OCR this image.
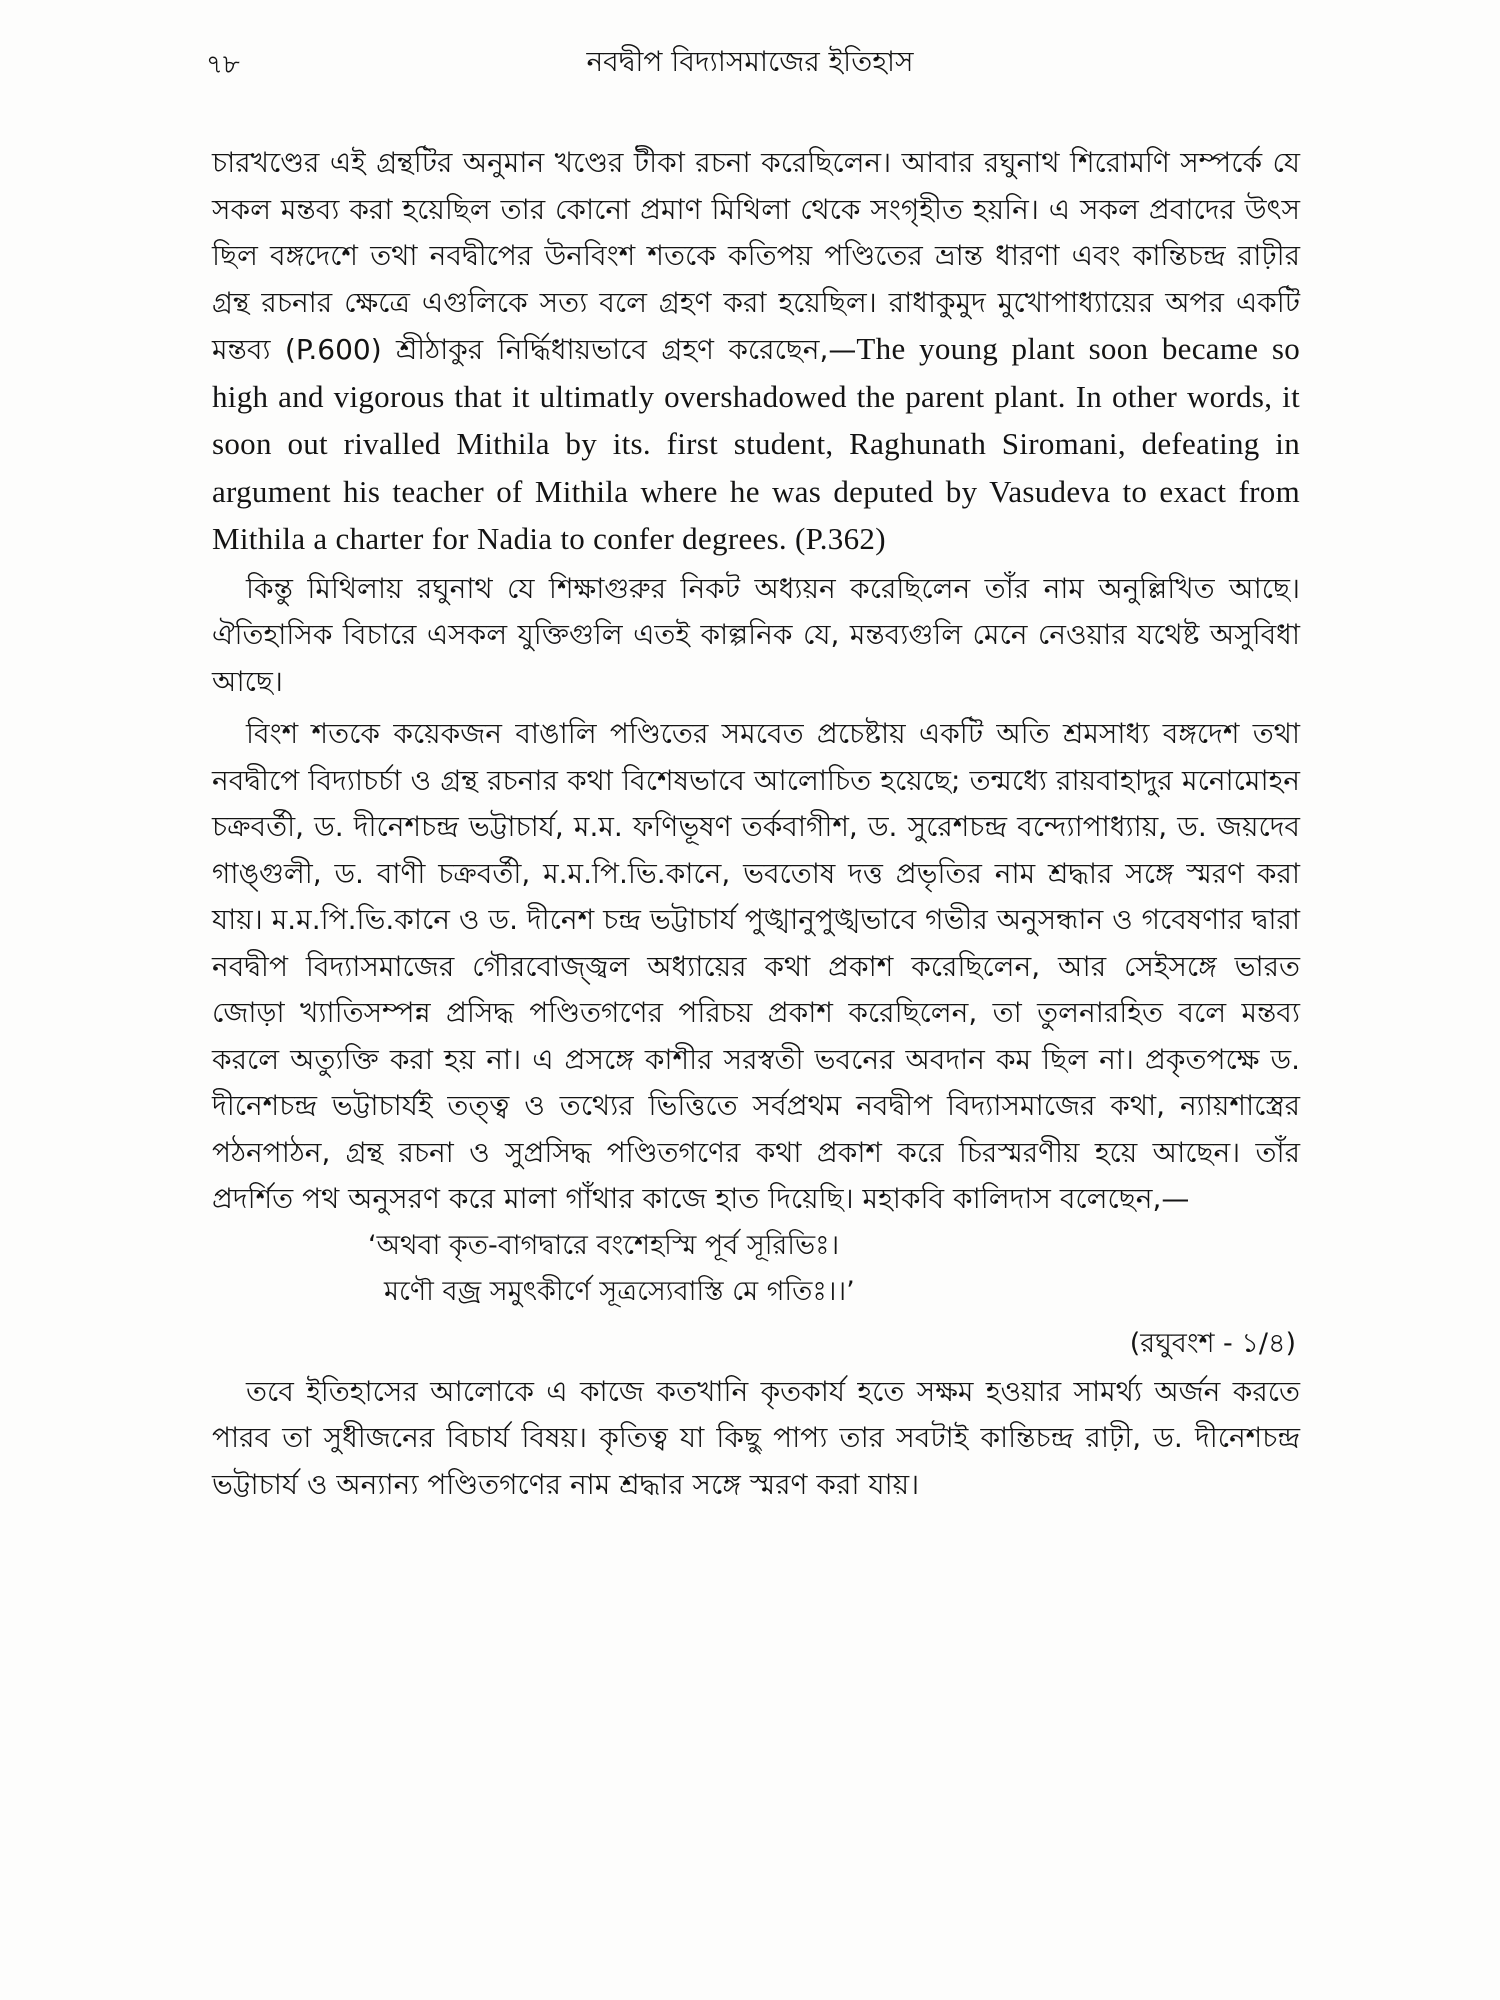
৭৮	নবদ্বীপ বিদ্যাসমাজের ইতিহাস

চারখণ্ডের এই গ্রন্থটির অনুমান খণ্ডের টীকা রচনা করেছিলেন। আবার রঘুনাথ শিরোমণি সম্পর্কে যে সকল মন্তব্য করা হয়েছিল তার কোনো প্রমাণ মিথিলা থেকে সংগৃহীত হয়নি। এ সকল প্রবাদের উৎস ছিল বঙ্গদেশে তথা নবদ্বীপের উনবিংশ শতকে কতিপয় পণ্ডিতের ভ্রান্ত ধারণা এবং কান্তিচন্দ্র রাঢ়ীর গ্রন্থ রচনার ক্ষেত্রে এগুলিকে সত্য বলে গ্রহণ করা হয়েছিল। রাধাকুমুদ মুখোপাধ্যায়ের অপর একটি মন্তব্য (P.600) শ্রীঠাকুর নির্দ্ধিধায়ভাবে গ্রহণ করেছেন,—The young plant soon became so high and vigorous that it ultimatly overshadowed the parent plant. In other words, it soon out rivalled Mithila by its. first student, Raghunath Siromani, defeating in argument his teacher of Mithila where he was deputed by Vasudeva to exact from Mithila a charter for Nadia to confer degrees. (P.362)

কিন্তু মিথিলায় রঘুনাথ যে শিক্ষাগুরুর নিকট অধ্যয়ন করেছিলেন তাঁর নাম অনুল্লিখিত আছে। ঐতিহাসিক বিচারে এসকল যুক্তিগুলি এতই কাল্পনিক যে, মন্তব্যগুলি মেনে নেওয়ার যথেষ্ট অসুবিধা আছে।

বিংশ শতকে কয়েকজন বাঙালি পণ্ডিতের সমবেত প্রচেষ্টায় একটি অতি শ্রমসাধ্য বঙ্গদেশ তথা নবদ্বীপে বিদ্যাচর্চা ও গ্রন্থ রচনার কথা বিশেষভাবে আলোচিত হয়েছে; তন্মধ্যে রায়বাহাদুর মনোমোহন চক্রবর্তী, ড. দীনেশচন্দ্র ভট্টাচার্য, ম.ম. ফণিভূষণ তর্কবাগীশ, ড. সুরেশচন্দ্র বন্দ্যোপাধ্যায়, ড. জয়দেব গাঙ্গুলী, ড. বাণী চক্রবর্তী, ম.ম.পি.ভি.কানে, ভবতোষ দত্ত প্রভৃতির নাম শ্রদ্ধার সঙ্গে স্মরণ করা যায়। ম.ম.পি.ভি.কানে ও ড. দীনেশ চন্দ্র ভট্টাচার্য পুঙ্খানুপুঙ্খভাবে গভীর অনুসন্ধান ও গবেষণার দ্বারা নবদ্বীপ বিদ্যাসমাজের গৌরবোজ্জ্বল অধ্যায়ের কথা প্রকাশ করেছিলেন, আর সেইসঙ্গে ভারত জোড়া খ্যাতিসম্পন্ন প্রসিদ্ধ পণ্ডিতগণের পরিচয় প্রকাশ করেছিলেন, তা তুলনারহিত বলে মন্তব্য করলে অত্যুক্তি করা হয় না। এ প্রসঙ্গে কাশীর সরস্বতী ভবনের অবদান কম ছিল না। প্রকৃতপক্ষে ড. দীনেশচন্দ্র ভট্টাচার্যই তত্ত্ব ও তথ্যের ভিত্তিতে সর্বপ্রথম নবদ্বীপ বিদ্যাসমাজের কথা, ন্যায়শাস্ত্রের পঠনপাঠন, গ্রন্থ রচনা ও সুপ্রসিদ্ধ পণ্ডিতগণের কথা প্রকাশ করে চিরস্মরণীয় হয়ে আছেন। তাঁর প্রদর্শিত পথ অনুসরণ করে মালা গাঁথার কাজে হাত দিয়েছি। মহাকবি কালিদাস বলেছেন,—

‘অথবা কৃত-বাগদ্বারে বংশেহস্মি পূর্ব সূরিভিঃ।
মণৌ বজ্র সমুৎকীর্ণে সূত্রস্যেবাস্তি মে গতিঃ।।’

(রঘুবংশ - ১/৪)

তবে ইতিহাসের আলোকে এ কাজে কতখানি কৃতকার্য হতে সক্ষম হওয়ার সামর্থ্য অর্জন করতে পারব তা সুধীজনের বিচার্য বিষয়। কৃতিত্ব যা কিছু পাপ্য তার সবটাই কান্তিচন্দ্র রাঢ়ী, ড. দীনেশচন্দ্র ভট্টাচার্য ও অন্যান্য পণ্ডিতগণের নাম শ্রদ্ধার সঙ্গে স্মরণ করা যায়।
